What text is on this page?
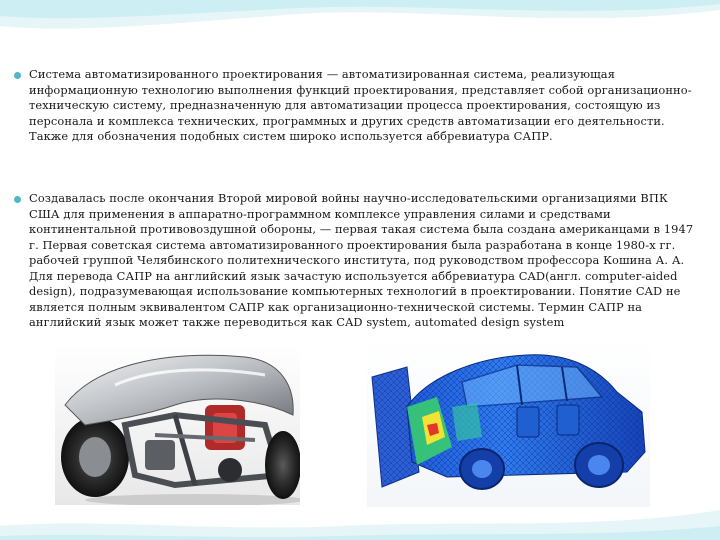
Система автоматизированного проектирования — автоматизированная система, реализующая информационную технологию выполнения функций проектирования, представляет собой организационно-техническую систему, предназначенную для автоматизации процесса проектирования, состоящую из персонала и комплекса технических, программных и других средств автоматизации его деятельности. Также для обозначения подобных систем широко используется аббревиатура САПР.
Создавалась после окончания Второй мировой войны научно-исследовательскими организациями ВПК США для применения в аппаратно-программном комплексе управления силами и средствами континентальной противовоздушной обороны, — первая такая система была создана американцами в 1947 г. Первая советская система автоматизированного проектирования была разработана в конце 1980-х гг. рабочей группой Челябинского политехнического института, под руководством профессора Кошина А. А. Для перевода САПР на английский язык зачастую используется аббревиатура CAD(англ. computer-aided design), подразумевающая использование компьютерных технологий в проектировании. Понятие CAD не является полным эквивалентом САПР как организационно-технической системы. Термин САПР на английский язык может также переводиться как CAD system, automated design system
